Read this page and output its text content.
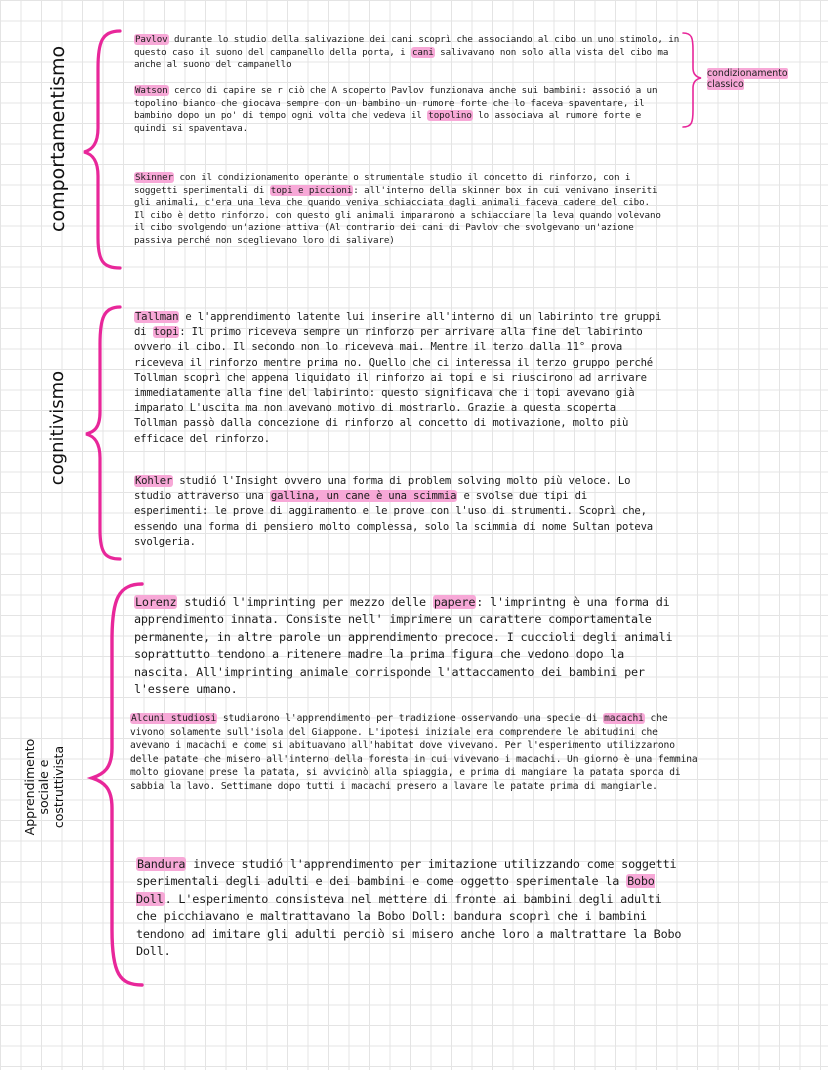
comportamentismo

Pavlov durante lo studio della salivazione dei cani scoprì che associando al cibo un uno stimolo, in questo caso il suono del campanello della porta, i cani salivavano non solo alla vista del cibo ma anche al suono del campanello

Watson cerco di capire se r ciò che A scoperto Pavlov funzionava anche sui bambini: associó a un topolino bianco che giocava sempre con un bambino un rumore forte che lo faceva spaventare, il bambino dopo un po' di tempo ogni volta che vedeva il topolino lo associava al rumore forte e quindi si spaventava.

condizionamento
classico

Skinner con il condizionamento operante o strumentale studio il concetto di rinforzo, con i soggetti sperimentali di topi e piccioni: all'interno della skinner box in cui venivano inseriti gli animali, c'era una leva che quando veniva schiacciata dagli animali faceva cadere del cibo. Il cibo è detto rinforzo. con questo gli animali impararono a schiacciare la leva quando volevano il cibo svolgendo un'azione attiva (Al contrario dei cani di Pavlov che svolgevano un'azione passiva perché non sceglievano loro di salivare)

cognitivismo

Tallman e l'apprendimento latente lui inserire all'interno di un labirinto tre gruppi di topi: Il primo riceveva sempre un rinforzo per arrivare alla fine del labirinto ovvero il cibo. Il secondo non lo riceveva mai. Mentre il terzo dalla 11° prova riceveva il rinforzo mentre prima no. Quello che ci interessa il terzo gruppo perché Tollman scoprì che appena liquidato il rinforzo ai topi e si riuscirono ad arrivare immediatamente alla fine del labirinto: questo significava che i topi avevano già imparato L'uscita ma non avevano motivo di mostrarlo. Grazie a questa scoperta Tollman passò dalla concezione di rinforzo al concetto di motivazione, molto più efficace del rinforzo.

Kohler studió l'Insight ovvero una forma di problem solving molto più veloce. Lo studio attraverso una gallina, un cane è una scimmia e svolse due tipi di esperimenti: le prove di aggiramento e le prove con l'uso di strumenti. Scoprì che, essendo una forma di pensiero molto complessa, solo la scimmia di nome Sultan poteva svolgeria.

Apprendimento sociale e costruttivista

Lorenz studió l'imprinting per mezzo delle papere: l'imprintng è una forma di apprendimento innata. Consiste nell' imprimere un carattere comportamentale permanente, in altre parole un apprendimento precoce. I cuccioli degli animali soprattutto tendono a ritenere madre la prima figura che vedono dopo la nascita. All'imprinting animale corrisponde l'attaccamento dei bambini per l'essere umano.

Alcuni studiosi studiarono l'apprendimento per tradizione osservando una specie di macachi che vivono solamente sull'isola del Giappone. L'ipotesi iniziale era comprendere le abitudini che avevano i macachi e come si abituavano all'habitat dove vivevano. Per l'esperimento utilizzarono delle patate che misero all'interno della foresta in cui vivevano i macachi. Un giorno è una femmina molto giovane prese la patata, si avvicinò alla spiaggia, e prima di mangiare la patata sporca di sabbia la lavo. Settimane dopo tutti i macachi presero a lavare le patate prima di mangiarle.

Bandura invece studió l'apprendimento per imitazione utilizzando come soggetti sperimentali degli adulti e dei bambini e come oggetto sperimentale la Bobo Doll. L'esperimento consisteva nel mettere di fronte ai bambini degli adulti che picchiavano e maltrattavano la Bobo Doll: bandura scoprì che i bambini tendono ad imitare gli adulti perciò si misero anche loro a maltrattare la Bobo Doll.
